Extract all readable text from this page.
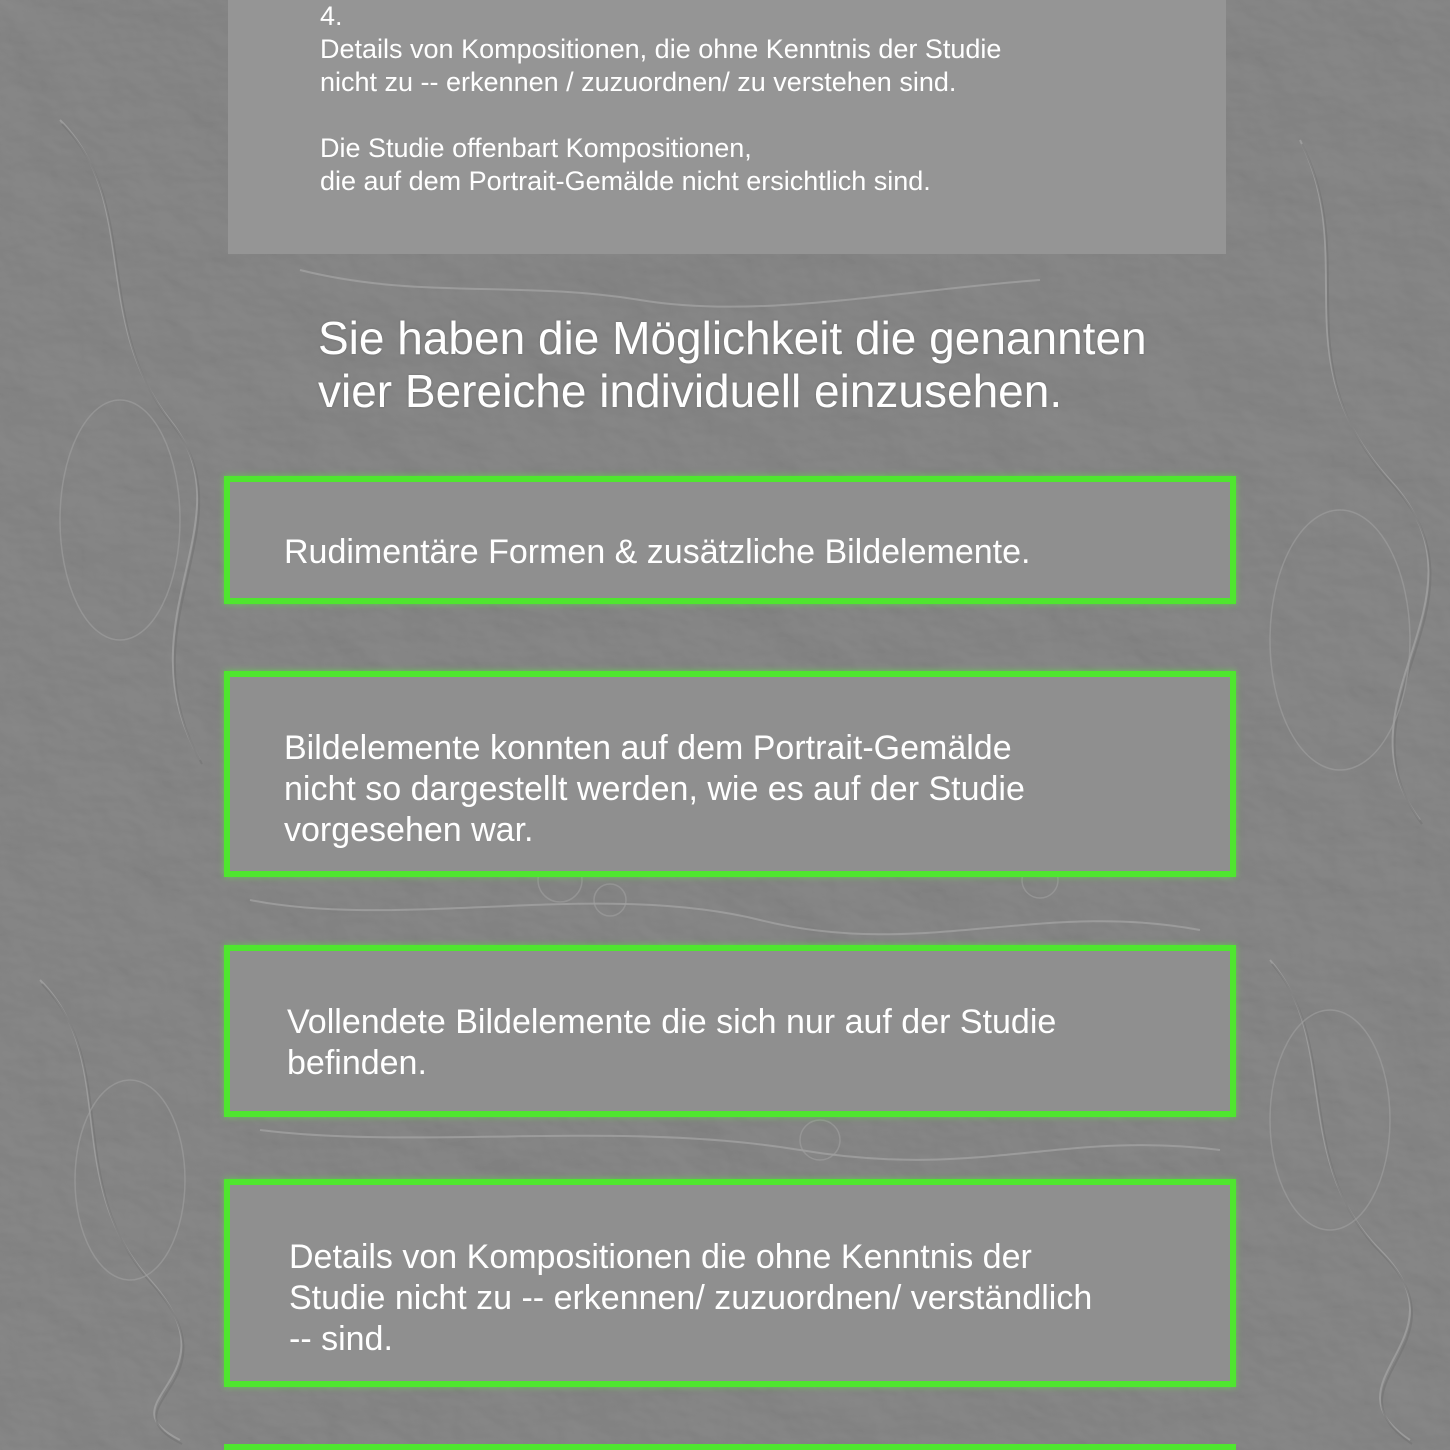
4.
Details von Kompositionen, die ohne Kenntnis der Studie
nicht zu -- erkennen / zuzuordnen/ zu verstehen sind.

Die Studie offenbart Kompositionen,
die auf dem Portrait-Gemälde nicht ersichtlich sind.
Sie haben die Möglichkeit die genannten
vier Bereiche individuell einzusehen.
Rudimentäre Formen & zusätzliche Bildelemente.
Bildelemente konnten auf dem Portrait-Gemälde
nicht so dargestellt werden, wie es auf der Studie
vorgesehen war.
Vollendete Bildelemente die sich nur auf der Studie
befinden.
Details von Kompositionen die ohne Kenntnis der
Studie nicht zu -- erkennen/ zuzuordnen/ verständlich
-- sind.
